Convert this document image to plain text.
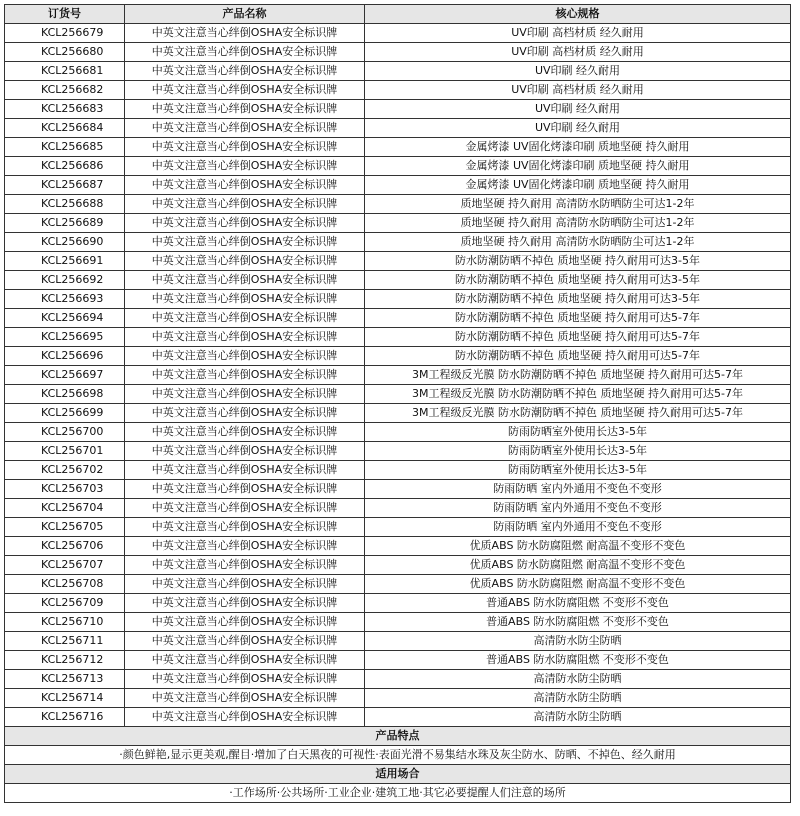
订货号	产品名称	核心规格
KCL256679	中英文注意当心绊倒OSHA安全标识牌	UV印刷 高档材质 经久耐用
KCL256680	中英文注意当心绊倒OSHA安全标识牌	UV印刷 高档材质 经久耐用
KCL256681	中英文注意当心绊倒OSHA安全标识牌	UV印刷 经久耐用
KCL256682	中英文注意当心绊倒OSHA安全标识牌	UV印刷 高档材质 经久耐用
KCL256683	中英文注意当心绊倒OSHA安全标识牌	UV印刷 经久耐用
KCL256684	中英文注意当心绊倒OSHA安全标识牌	UV印刷 经久耐用
KCL256685	中英文注意当心绊倒OSHA安全标识牌	金属烤漆 UV固化烤漆印刷 质地坚硬 持久耐用
KCL256686	中英文注意当心绊倒OSHA安全标识牌	金属烤漆 UV固化烤漆印刷 质地坚硬 持久耐用
KCL256687	中英文注意当心绊倒OSHA安全标识牌	金属烤漆 UV固化烤漆印刷 质地坚硬 持久耐用
KCL256688	中英文注意当心绊倒OSHA安全标识牌	质地坚硬 持久耐用 高清防水防晒防尘可达1-2年
KCL256689	中英文注意当心绊倒OSHA安全标识牌	质地坚硬 持久耐用 高清防水防晒防尘可达1-2年
KCL256690	中英文注意当心绊倒OSHA安全标识牌	质地坚硬 持久耐用 高清防水防晒防尘可达1-2年
KCL256691	中英文注意当心绊倒OSHA安全标识牌	防水防潮防晒不掉色 质地坚硬 持久耐用可达3-5年
KCL256692	中英文注意当心绊倒OSHA安全标识牌	防水防潮防晒不掉色 质地坚硬 持久耐用可达3-5年
KCL256693	中英文注意当心绊倒OSHA安全标识牌	防水防潮防晒不掉色 质地坚硬 持久耐用可达3-5年
KCL256694	中英文注意当心绊倒OSHA安全标识牌	防水防潮防晒不掉色 质地坚硬 持久耐用可达5-7年
KCL256695	中英文注意当心绊倒OSHA安全标识牌	防水防潮防晒不掉色 质地坚硬 持久耐用可达5-7年
KCL256696	中英文注意当心绊倒OSHA安全标识牌	防水防潮防晒不掉色 质地坚硬 持久耐用可达5-7年
KCL256697	中英文注意当心绊倒OSHA安全标识牌	3M工程级反光膜 防水防潮防晒不掉色 质地坚硬 持久耐用可达5-7年
KCL256698	中英文注意当心绊倒OSHA安全标识牌	3M工程级反光膜 防水防潮防晒不掉色 质地坚硬 持久耐用可达5-7年
KCL256699	中英文注意当心绊倒OSHA安全标识牌	3M工程级反光膜 防水防潮防晒不掉色 质地坚硬 持久耐用可达5-7年
KCL256700	中英文注意当心绊倒OSHA安全标识牌	防雨防晒室外使用长达3-5年
KCL256701	中英文注意当心绊倒OSHA安全标识牌	防雨防晒室外使用长达3-5年
KCL256702	中英文注意当心绊倒OSHA安全标识牌	防雨防晒室外使用长达3-5年
KCL256703	中英文注意当心绊倒OSHA安全标识牌	防雨防晒 室内外通用不变色不变形
KCL256704	中英文注意当心绊倒OSHA安全标识牌	防雨防晒 室内外通用不变色不变形
KCL256705	中英文注意当心绊倒OSHA安全标识牌	防雨防晒 室内外通用不变色不变形
KCL256706	中英文注意当心绊倒OSHA安全标识牌	优质ABS 防水防腐阻燃 耐高温不变形不变色
KCL256707	中英文注意当心绊倒OSHA安全标识牌	优质ABS 防水防腐阻燃 耐高温不变形不变色
KCL256708	中英文注意当心绊倒OSHA安全标识牌	优质ABS 防水防腐阻燃 耐高温不变形不变色
KCL256709	中英文注意当心绊倒OSHA安全标识牌	普通ABS 防水防腐阻燃 不变形不变色
KCL256710	中英文注意当心绊倒OSHA安全标识牌	普通ABS 防水防腐阻燃 不变形不变色
KCL256711	中英文注意当心绊倒OSHA安全标识牌	高清防水防尘防晒
KCL256712	中英文注意当心绊倒OSHA安全标识牌	普通ABS 防水防腐阻燃 不变形不变色
KCL256713	中英文注意当心绊倒OSHA安全标识牌	高清防水防尘防晒
KCL256714	中英文注意当心绊倒OSHA安全标识牌	高清防水防尘防晒
KCL256716	中英文注意当心绊倒OSHA安全标识牌	高清防水防尘防晒
产品特点		
·颜色鲜艳,显示更美观,醒目·增加了白天黑夜的可视性·表面光滑不易集结水珠及灰尘防水、防晒、不掉色、经久耐用		
适用场合		
·工作场所·公共场所·工业企业·建筑工地·其它必要提醒人们注意的场所		
